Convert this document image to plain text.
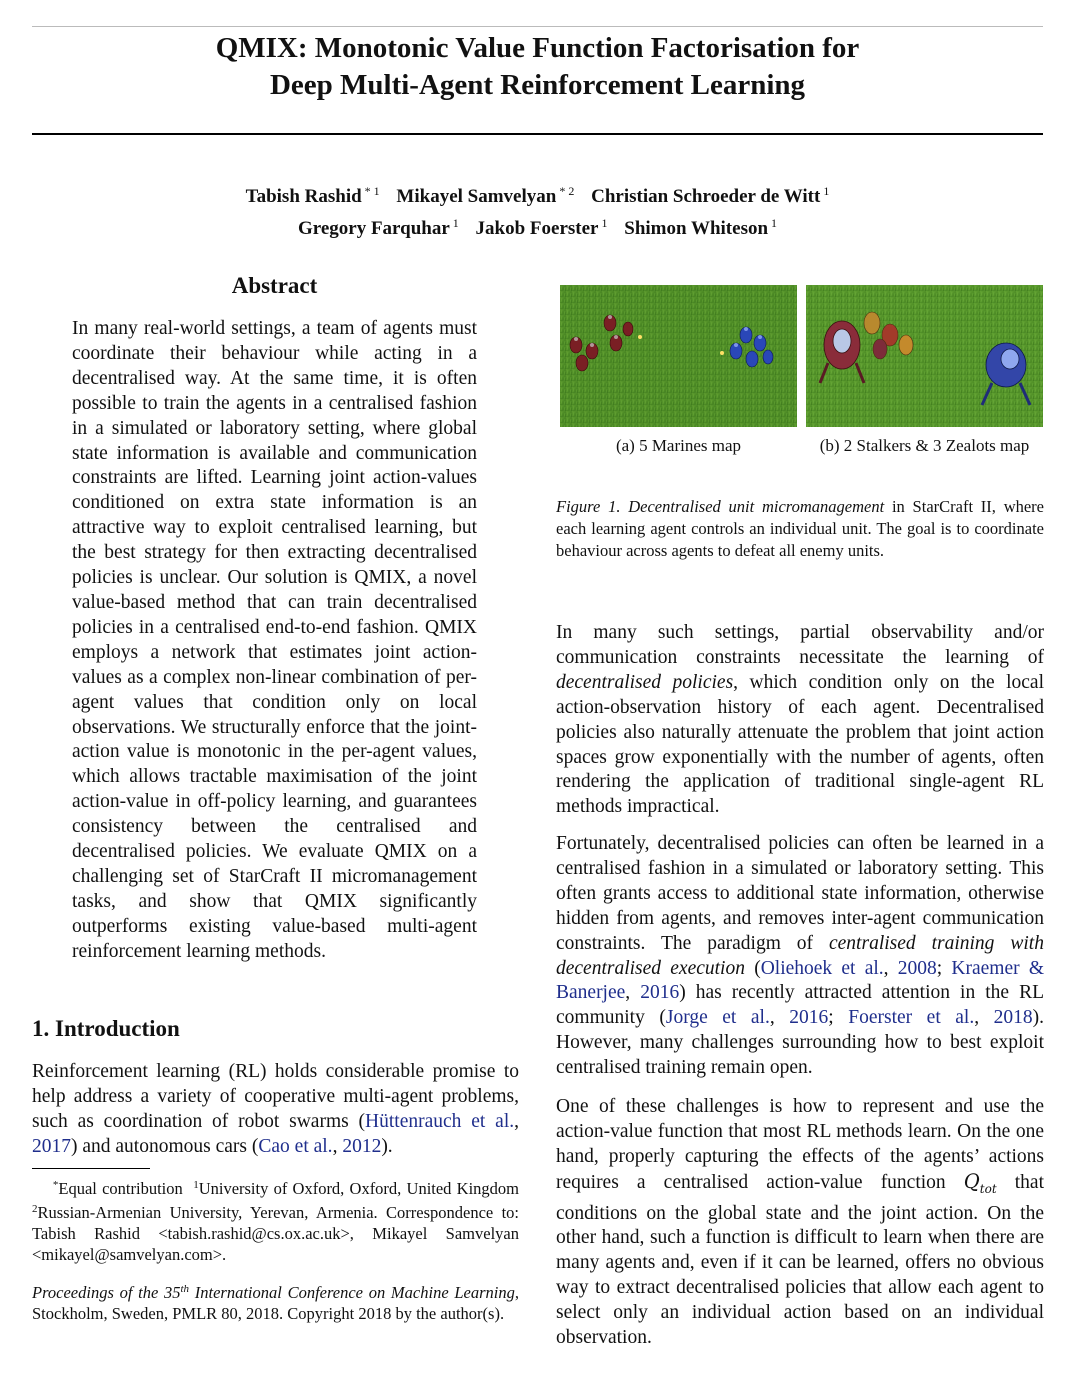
QMIX: Monotonic Value Function Factorisation for
Deep Multi-Agent Reinforcement Learning
Tabish Rashid $^{* 1}$ Mikayel Samvelyan $^{* 2}$ Christian Schroeder de Witt $^1$
Gregory Farquhar $^1$ Jakob Foerster $^1$ Shimon Whiteson $^1$
Abstract

In many real-world settings, a team of agents must coordinate their behaviour while acting in a decentralised way. At the same time, it is often possible to train the agents in a centralised fashion in a simulated or laboratory setting, where global state information is available and communication constraints are lifted. Learning joint action-values conditioned on extra state information is an attractive way to exploit centralised learning, but the best strategy for then extracting decentralised policies is unclear. Our solution is QMIX, a novel value-based method that can train decentralised policies in a centralised end-to-end fashion. QMIX employs a network that estimates joint action-values as a complex non-linear combination of per-agent values that condition only on local observations. We structurally enforce that the joint-action value is monotonic in the per-agent values, which allows tractable maximisation of the joint action-value in off-policy learning, and guarantees consistency between the centralised and decentralised policies. We evaluate QMIX on a challenging set of StarCraft II micromanagement tasks, and show that QMIX significantly outperforms existing value-based multi-agent reinforcement learning methods.

1. Introduction

Reinforcement learning (RL) holds considerable promise to help address a variety of cooperative multi-agent problems, such as coordination of robot swarms (Hüttenrauch et al., 2017) and autonomous cars (Cao et al., 2012).

*Equal contribution  $^1$University of Oxford, Oxford, United Kingdom $^2$Russian-Armenian University, Yerevan, Armenia. Correspondence to: Tabish Rashid <tabish.rashid@cs.ox.ac.uk>, Mikayel Samvelyan <mikayel@samvelyan.com>.

Proceedings of the 35th International Conference on Machine Learning, Stockholm, Sweden, PMLR 80, 2018. Copyright 2018 by the author(s).

(a) 5 Marines map	(b) 2 Stalkers & 3 Zealots map

Figure 1. Decentralised unit micromanagement in StarCraft II, where each learning agent controls an individual unit. The goal is to coordinate behaviour across agents to defeat all enemy units.

In many such settings, partial observability and/or communication constraints necessitate the learning of decentralised policies, which condition only on the local action-observation history of each agent. Decentralised policies also naturally attenuate the problem that joint action spaces grow exponentially with the number of agents, often rendering the application of traditional single-agent RL methods impractical.

Fortunately, decentralised policies can often be learned in a centralised fashion in a simulated or laboratory setting. This often grants access to additional state information, otherwise hidden from agents, and removes inter-agent communication constraints. The paradigm of centralised training with decentralised execution (Oliehoek et al., 2008; Kraemer & Banerjee, 2016) has recently attracted attention in the RL community (Jorge et al., 2016; Foerster et al., 2018). However, many challenges surrounding how to best exploit centralised training remain open.

One of these challenges is how to represent and use the action-value function that most RL methods learn. On the one hand, properly capturing the effects of the agents’ actions requires a centralised action-value function $Q_{tot}$ that conditions on the global state and the joint action. On the other hand, such a function is difficult to learn when there are many agents and, even if it can be learned, offers no obvious way to extract decentralised policies that allow each agent to select only an individual action based on an individual observation.
